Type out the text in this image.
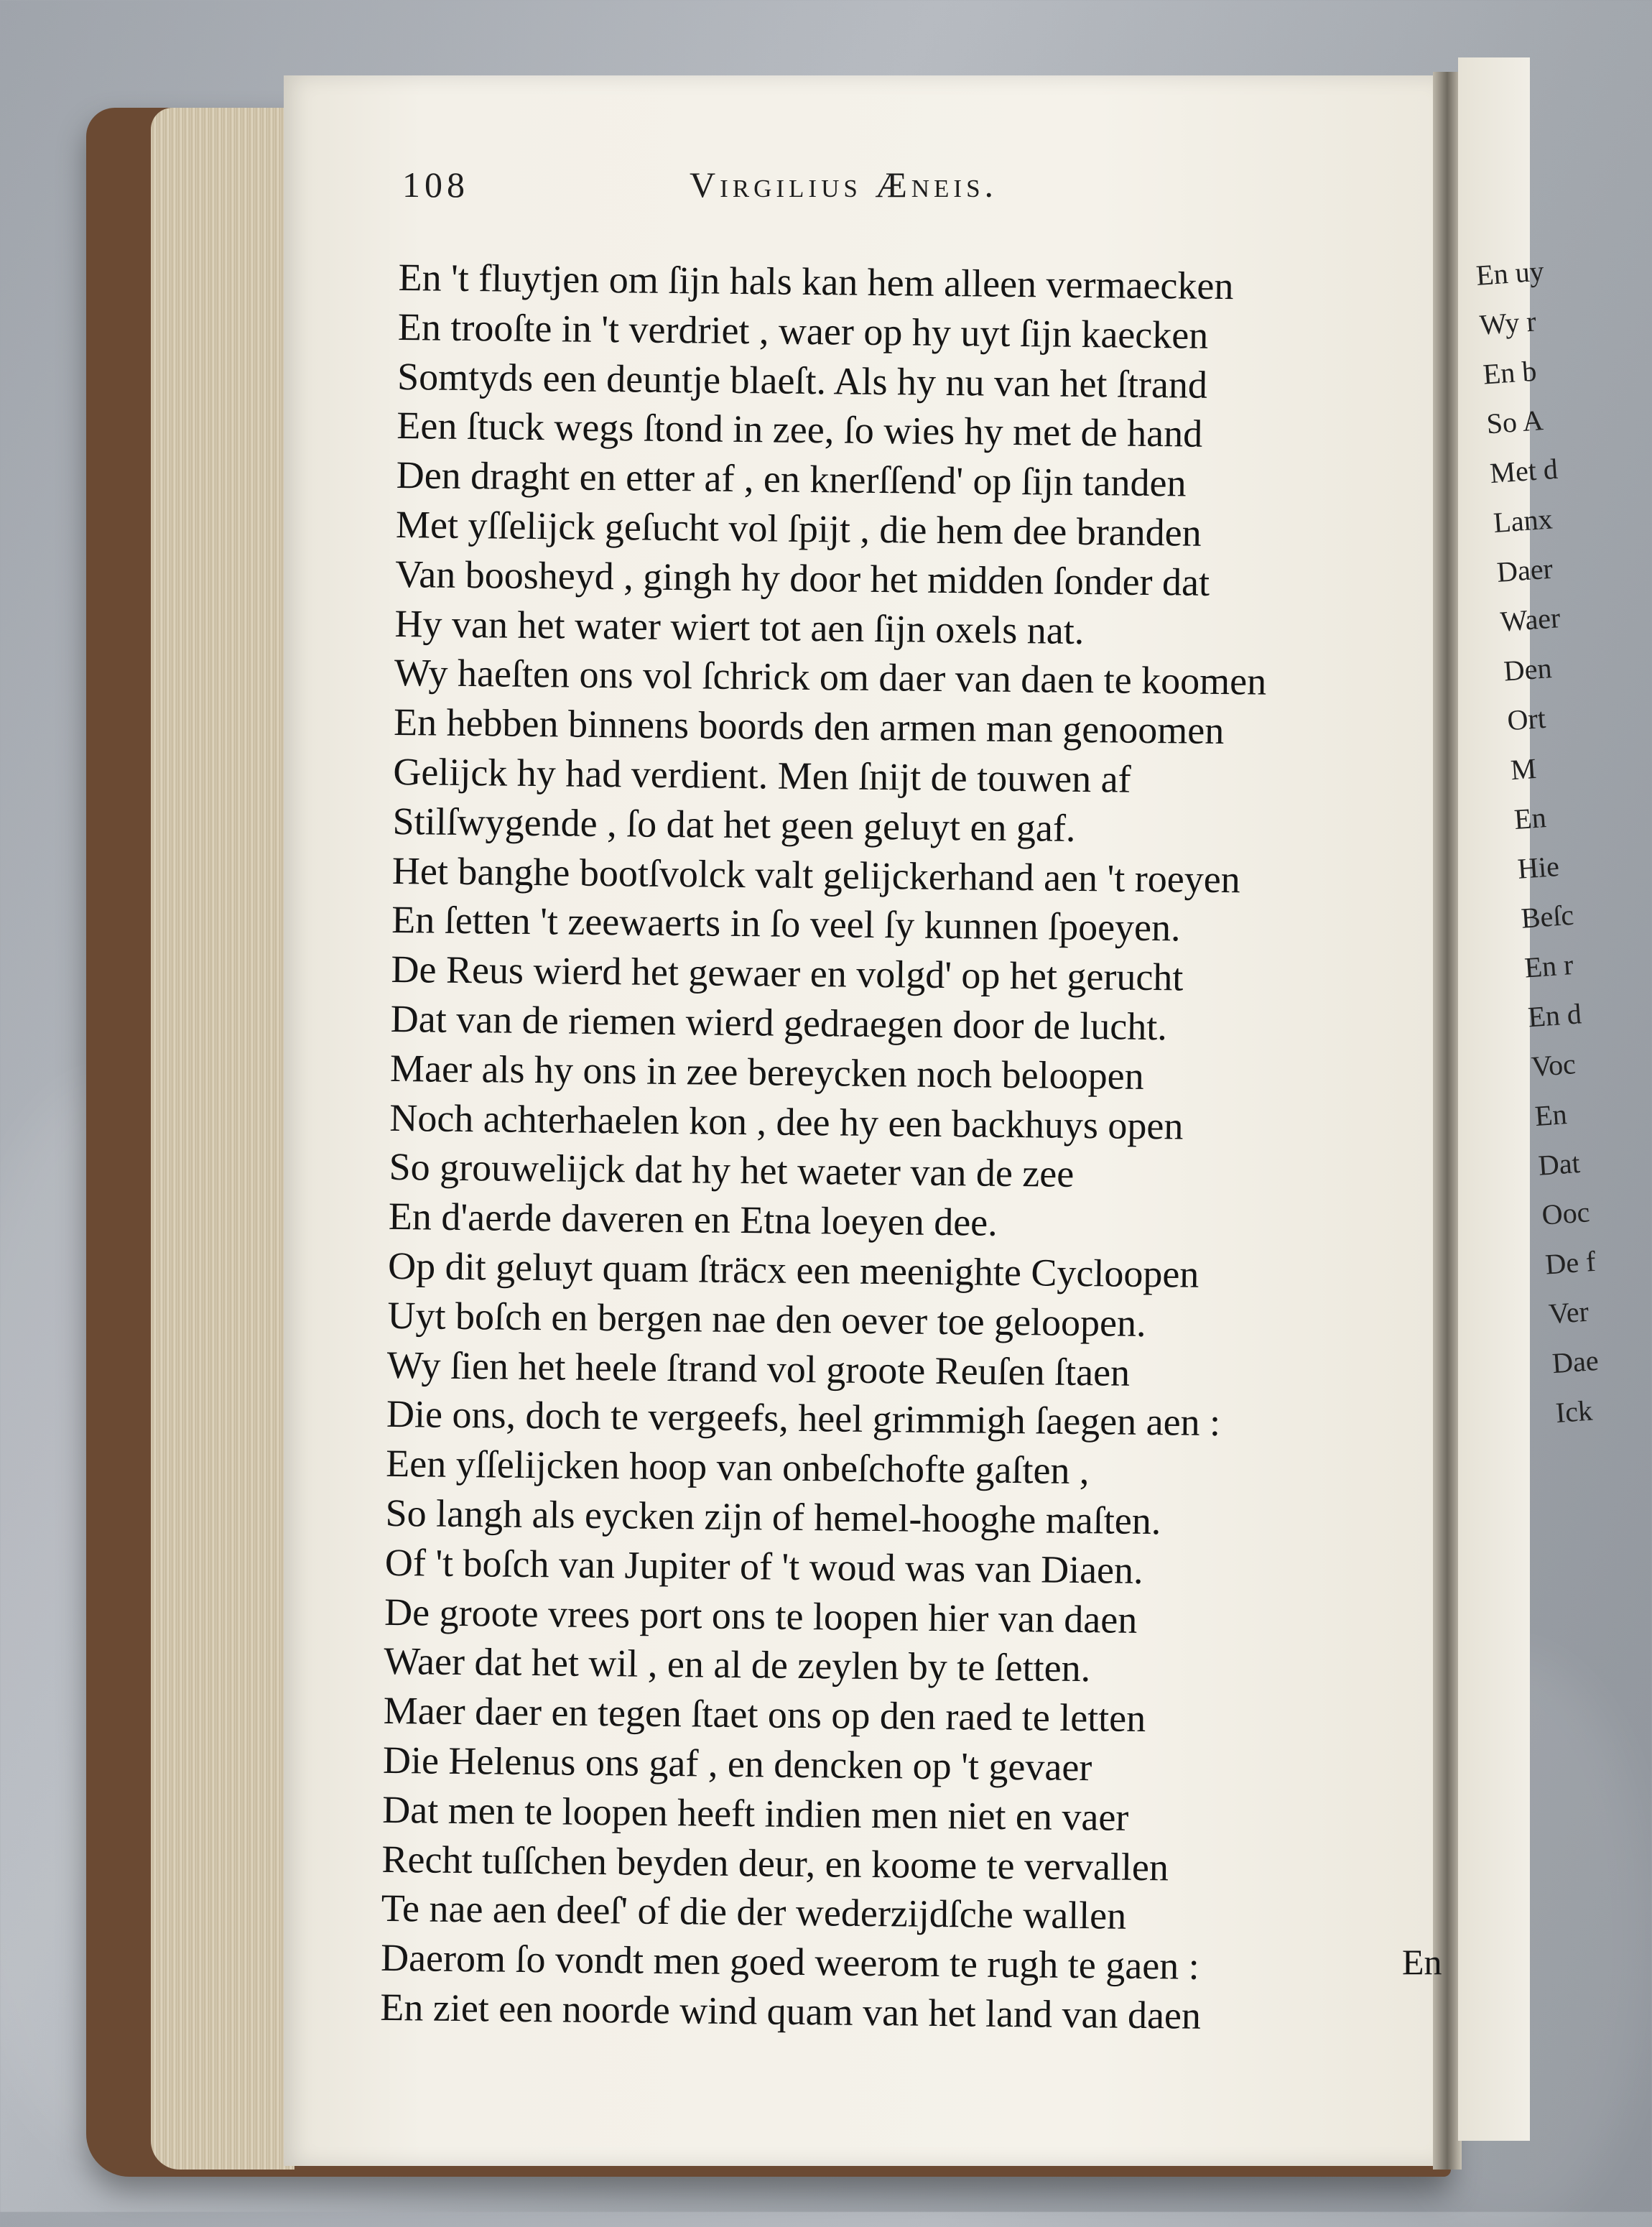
En uy
Wy r
En b
So A
Met d
Lanx
Daer
Waer
Den
Ort
M
En
Hie
Beſc
En r
En d
Voc
En
Dat
Ooc
De f
Ver
Dae
Ick
108	Virgilius Æneis.
En 't fluytjen om ſijn hals kan hem alleen vermaecken
En trooſte in 't verdriet , waer op hy uyt ſijn kaecken
Somtyds een deuntje blaeſt. Als hy nu van het ſtrand
Een ſtuck wegs ſtond in zee, ſo wies hy met de hand
Den draght en etter af , en knerſſend' op ſijn tanden
Met yſſelijck geſucht vol ſpijt , die hem dee branden
Van boosheyd , gingh hy door het midden ſonder dat
Hy van het water wiert tot aen ſijn oxels nat.
Wy haeſten ons vol ſchrick om daer van daen te koomen
En hebben binnens boords den armen man genoomen
Gelijck hy had verdient. Men ſnijt de touwen af
Stilſwygende , ſo dat het geen geluyt en gaf.
Het banghe bootſvolck valt gelijckerhand aen 't roeyen
En ſetten 't zeewaerts in ſo veel ſy kunnen ſpoeyen.
De Reus wierd het gewaer en volgd' op het gerucht
Dat van de riemen wierd gedraegen door de lucht.
Maer als hy ons in zee bereycken noch beloopen
Noch achterhaelen kon , dee hy een backhuys open
So grouwelijck dat hy het waeter van de zee
En d'aerde daveren en Etna loeyen dee.
Op dit geluyt quam ſträcx een meenighte Cycloopen
Uyt boſch en bergen nae den oever toe geloopen.
Wy ſien het heele ſtrand vol groote Reuſen ſtaen
Die ons, doch te vergeefs, heel grimmigh ſaegen aen :
Een yſſelijcken hoop van onbeſchofte gaſten ,
So langh als eycken zijn of hemel-hooghe maſten.
Of 't boſch van Jupiter of 't woud was van Diaen.
De groote vrees port ons te loopen hier van daen
Waer dat het wil , en al de zeylen by te ſetten.
Maer daer en tegen ſtaet ons op den raed te letten
Die Helenus ons gaf , en dencken op 't gevaer
Dat men te loopen heeft indien men niet en vaer
Recht tuſſchen beyden deur, en koome te vervallen
Te nae aen deeſ' of die der wederzijdſche wallen
Daerom ſo vondt men goed weerom te rugh te gaen :
En ziet een noorde wind quam van het land van daen
En
